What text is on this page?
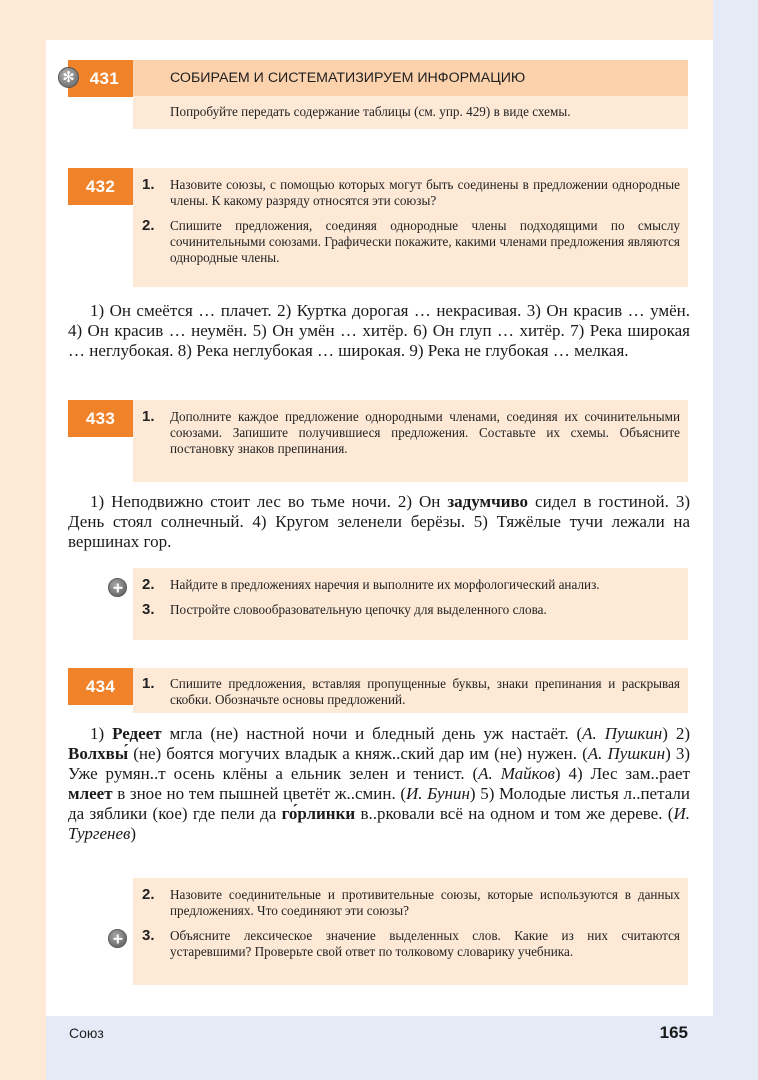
431
✻	СОБИРАЕМ И СИСТЕМАТИЗИРУЕМ ИНФОРМАЦИЮ
Попробуйте передать содержание таблицы (см. упр. 429) в виде схемы.
432 1. Назовите союзы, с помощью которых могут быть соединены в предложении однородные члены. К какому разряду относятся эти союзы?
2. Спишите предложения, соединяя однородные члены подходящими по смыслу сочинительными союзами. Графически покажите, какими членами предложения являются однородные члены.
1) Он смеётся … плачет. 2) Куртка дорогая … некрасивая. 3) Он красив … умён. 4) Он красив … неумён. 5) Он умён … хитёр. 6) Он глуп … хитёр. 7) Река широкая … неглубокая. 8) Река неглубокая … широкая. 9) Река не глубокая … мелкая.
433 1. Дополните каждое предложение однородными членами, соединяя их сочинительными союзами. Запишите получившиеся предложения. Составьте их схемы. Объясните постановку знаков препинания.
1) Неподвижно стоит лес во тьме ночи. 2) Он задумчиво сидел в гостиной. 3) День стоял солнечный. 4) Кругом зеленели берёзы. 5) Тяжёлые тучи лежали на вершинах гор.
2. Найдите в предложениях наречия и выполните их морфологический анализ.
3. Постройте словообразовательную цепочку для выделенного слова.
434 1. Спишите предложения, вставляя пропущенные буквы, знаки препинания и раскрывая скобки. Обозначьте основы предложений.
1) Редеет мгла (не) настной ночи и бледный день уж настаёт. (А. Пушкин) 2) Волхвы́ (не) боятся могучих владык а княж..ский дар им (не) нужен. (А. Пушкин) 3) Уже румян..т осень клёны а ельник зелен и тенист. (А. Майков) 4) Лес зам..рает млеет в зное но тем пышней цветёт ж..смин. (И. Бунин) 5) Молодые листья л..петали да зяблики (кое) где пели да го́рлинки в..рковали всё на одном и том же дереве. (И. Тургенев)
2. Назовите соединительные и противительные союзы, которые используются в данных предложениях. Что соединяют эти союзы?
3. Объясните лексическое значение выделенных слов. Какие из них считаются устаревшими? Проверьте свой ответ по толковому словарику учебника.
Союз	165
